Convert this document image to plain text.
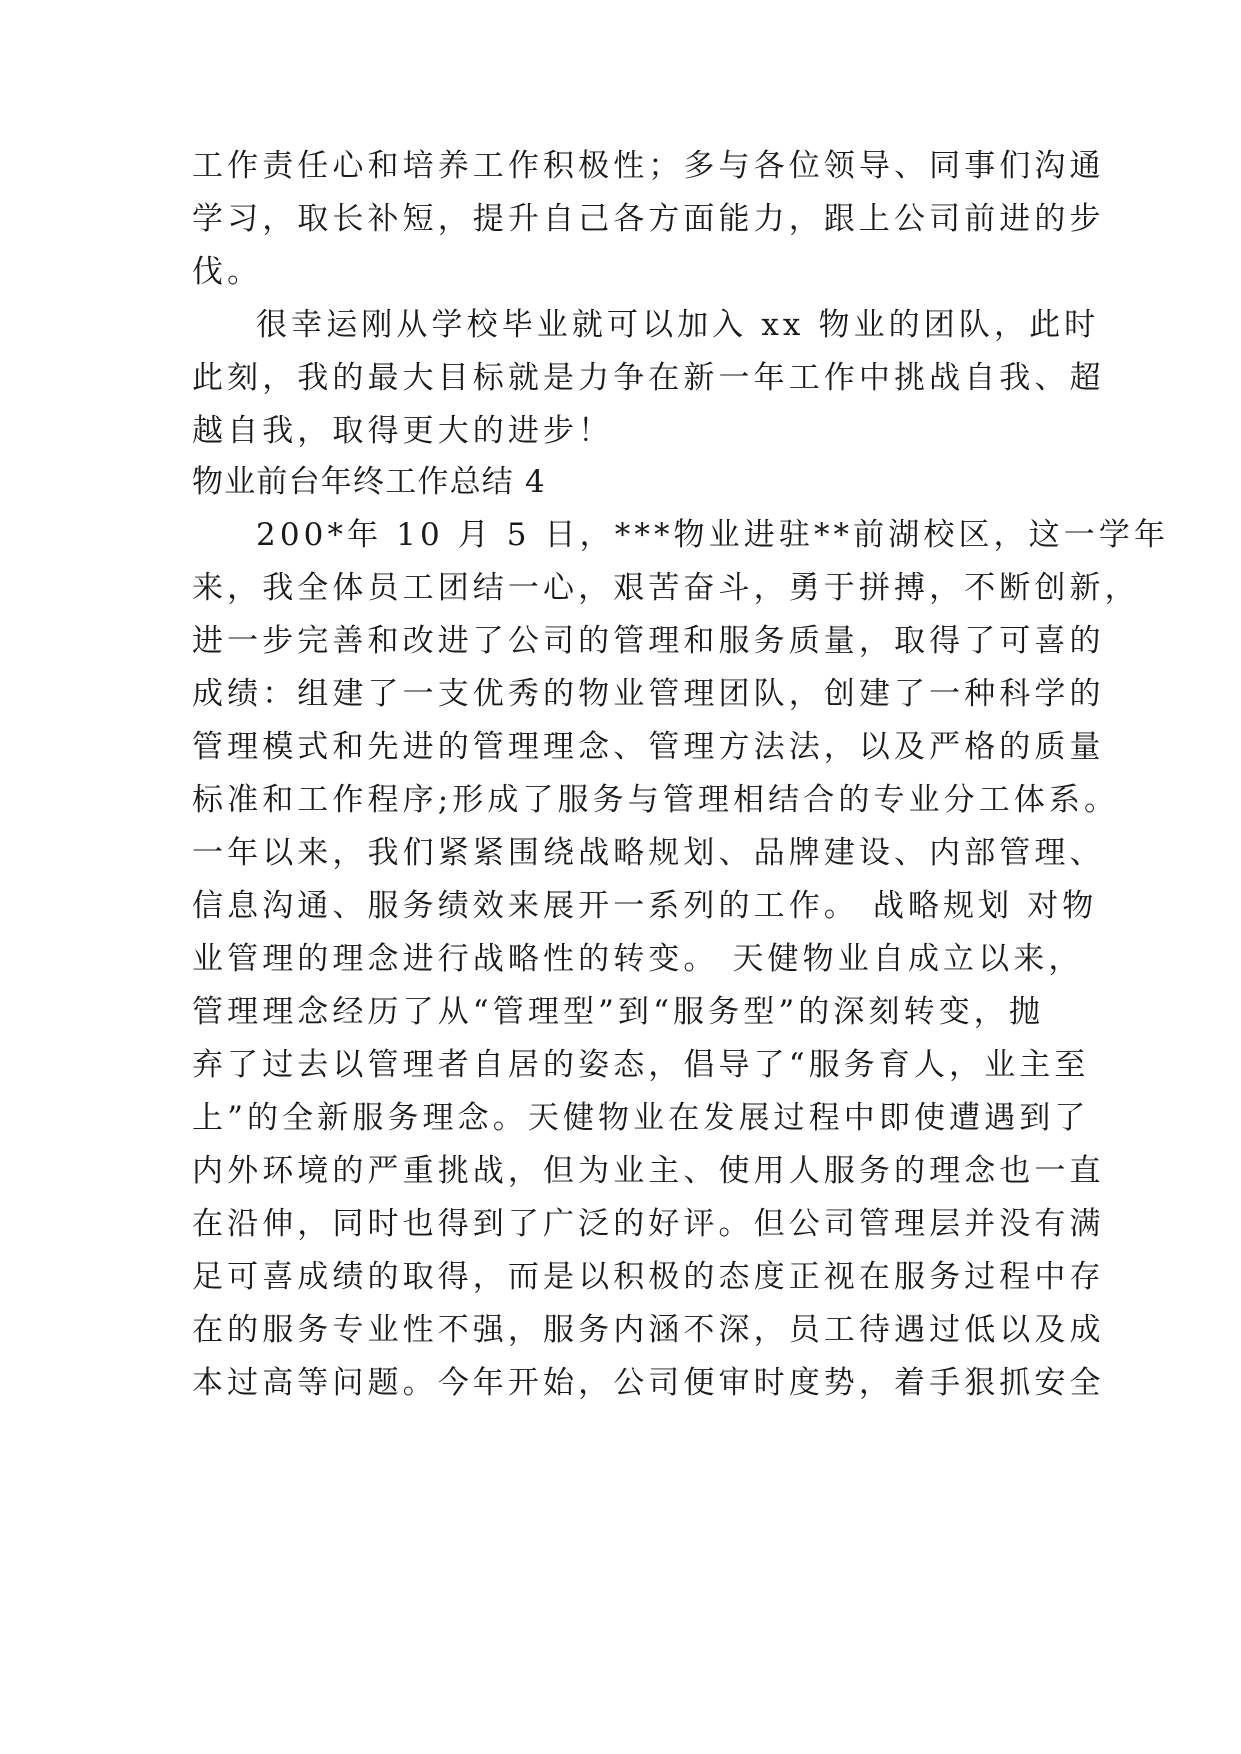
工作责任心和培养工作积极性；多与各位领导、同事们沟通
学习，取长补短，提升自己各方面能力，跟上公司前进的步
伐。
很幸运刚从学校毕业就可以加入 xx 物业的团队，此时
此刻，我的最大目标就是力争在新一年工作中挑战自我、超
越自我，取得更大的进步！
物业前台年终工作总结 4
200*年 10 月 5 日，***物业进驻**前湖校区，这一学年
来，我全体员工团结一心，艰苦奋斗，勇于拼搏，不断创新，
进一步完善和改进了公司的管理和服务质量，取得了可喜的
成绩：组建了一支优秀的物业管理团队，创建了一种科学的
管理模式和先进的管理理念、管理方法法，以及严格的质量
标准和工作程序;形成了服务与管理相结合的专业分工体系。
一年以来，我们紧紧围绕战略规划、品牌建设、内部管理、
信息沟通、服务绩效来展开一系列的工作。 战略规划 对物
业管理的理念进行战略性的转变。 天健物业自成立以来，
管理理念经历了从“管理型”到“服务型”的深刻转变，抛
弃了过去以管理者自居的姿态，倡导了“服务育人，业主至
上”的全新服务理念。天健物业在发展过程中即使遭遇到了
内外环境的严重挑战，但为业主、使用人服务的理念也一直
在沿伸，同时也得到了广泛的好评。但公司管理层并没有满
足可喜成绩的取得，而是以积极的态度正视在服务过程中存
在的服务专业性不强，服务内涵不深，员工待遇过低以及成
本过高等问题。今年开始，公司便审时度势，着手狠抓安全
